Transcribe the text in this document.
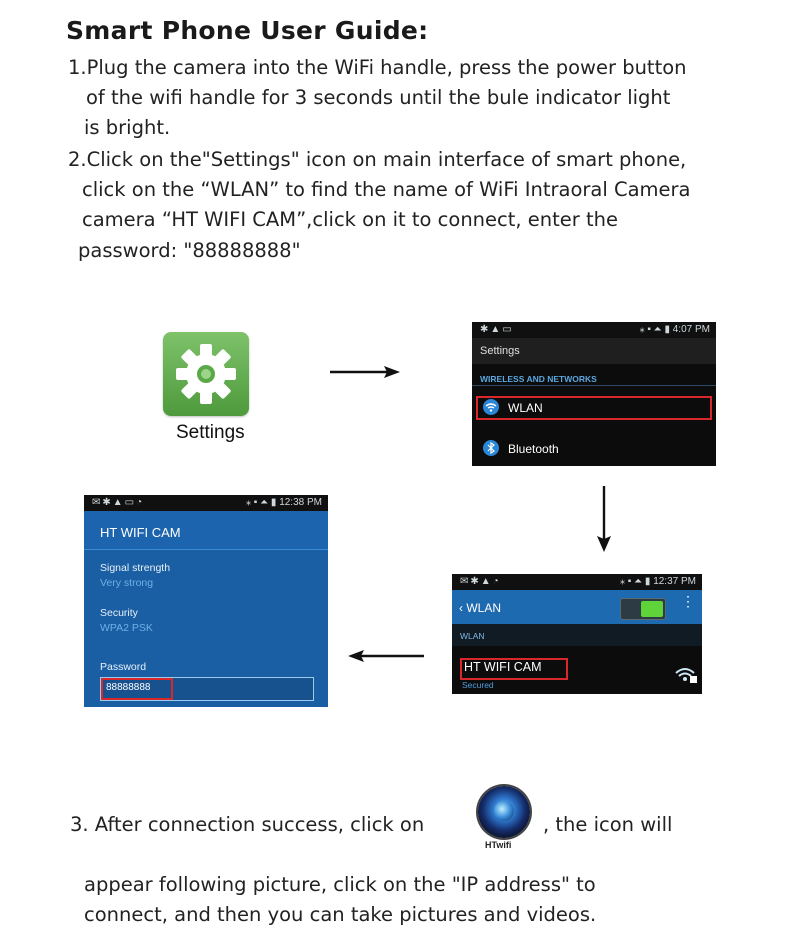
Smart Phone User Guide:
1.Plug the camera into the WiFi handle, press the power button
of the wifi handle for 3 seconds until the bule indicator light
is bright.
2.Click on the"Settings" icon on main interface of smart phone,
click on the “WLAN” to find the name of WiFi Intraoral Camera
camera “HT WIFI CAM”,click on it to connect, enter the
password: "88888888"
Settings
✱▲▭	⁎ ▪ ⏶ ▮ 4:07 PM
Settings
WIRELESS AND NETWORKS
WLAN
Bluetooth
✉✱▲◔	⁎ ▪ ⏶ ▮ 12:37 PM
‹ WLAN	⋮
WLAN
HT WIFI CAM
Secured
✉✱▲▭◔	⁎ ▪ ⏶ ▮ 12:38 PM
HT WIFI CAM
Signal strength
Very strong
Security
WPA2 PSK
Password
88888888
3. After connection success, click on
HTwifi
, the icon will
appear following picture, click on the "IP address" to
connect, and then you can take pictures and videos.
